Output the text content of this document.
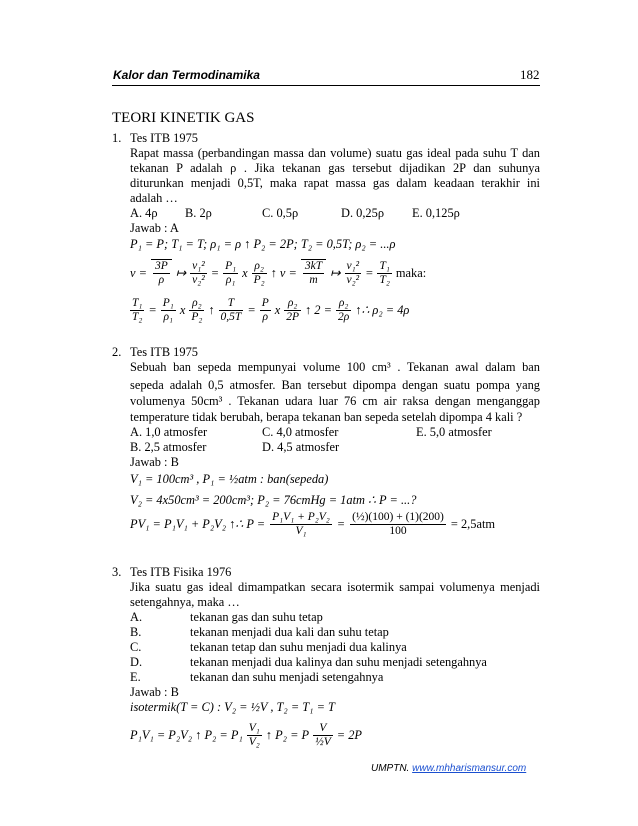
Kalor dan Termodinamika	182
TEORI KINETIK GAS
1. Tes ITB 1975
Rapat massa (perbandingan massa dan volume) suatu gas ideal pada suhu T dan
tekanan P adalah ρ . Jika tekanan gas tersebut dijadikan 2P dan suhunya
diturunkan menjadi 0,5T, maka rapat massa gas dalam keadaan terakhir ini
adalah …
A. 4ρ B. 2ρ	C. 0,5ρ	D. 0,25ρ E. 0,125ρ
Jawab : A
P₁ = P; T₁ = T; ρ₁ = ρ ↑ P₂ = 2P; T₂ = 0,5T; ρ₂ = ...ρ
$v = \frac{3P}{\rho}$ ↦ $\frac{\text{v₁²}}{\text{v₂²}} = \frac{\text{P₁}}{\text{ρ₁}}$ x $\frac{\text{ρ₂}}{\text{P₂}}$ ↑ $v = \frac{3kT}{m}$ ↦ $\frac{\text{v₁²}}{\text{v₂²}} = \frac{\text{T₁}}{\text{T₂}}$ maka:
$\frac{\text{T₁}}{\text{T₂}} = \frac{\text{P₁}}{\text{ρ₁}}$ x $\frac{\text{ρ₂}}{\text{P₂}}$ ↑ $\frac{T}{0,5T} = \frac{P}{\rho}$ x $\frac{\text{ρ₂}}{2P}$ ↑ $2 = \frac{\text{ρ₂}}{2\rho}$ ↑∴ ρ₂ = 4ρ
2. Tes ITB 1975
Sebuah ban sepeda mempunyai volume 100 cm³ . Tekanan awal dalam ban
sepeda adalah 0,5 atmosfer. Ban tersebut dipompa dengan suatu pompa yang
volumenya 50cm³ . Tekanan udara luar 76 cm air raksa dengan menganggap
temperature tidak berubah, berapa tekanan ban sepeda setelah dipompa 4 kali ?
A. 1,0 atmosfer	C. 4,0 atmosfer	E. 5,0 atmosfer
B. 2,5 atmosfer	D. 4,5 atmosfer
Jawab : B
V₁ = 100cm³ , P₁ = ½atm : ban(sepeda)
V₂ = 4x50cm³ = 200cm³; P₂ = 76cmHg = 1atm ∴ P = ...?
PV₁ = P₁V₁ + P₂V₂ ↑∴ $P = \frac{\text{P₁V₁ + P₂V₂}}{\text{V₁}} = \frac{\text{(½)(100) + (1)(200)}}{100} = 2,5atm$
3. Tes ITB Fisika 1976
Jika suatu gas ideal dimampatkan secara isotermik sampai volumenya menjadi
setengahnya, maka …
A.	tekanan gas dan suhu tetap
B.	tekanan menjadi dua kali dan suhu tetap
C.	tekanan tetap dan suhu menjadi dua kalinya
D.	tekanan menjadi dua kalinya dan suhu menjadi setengahnya
E.	tekanan dan suhu menjadi setengahnya
Jawab : B
isotermik(T = C) : V₂ = ½V , T₂ = T₁ = T
P₁V₁ = P₂V₂ ↑ $P_2 = P_1 \frac{\text{V₁}}{\text{V₂}}$ ↑ P₂ = P $\frac{V}{\text{½V}} = 2P$
UMPTN. www.mhharismansur.com
